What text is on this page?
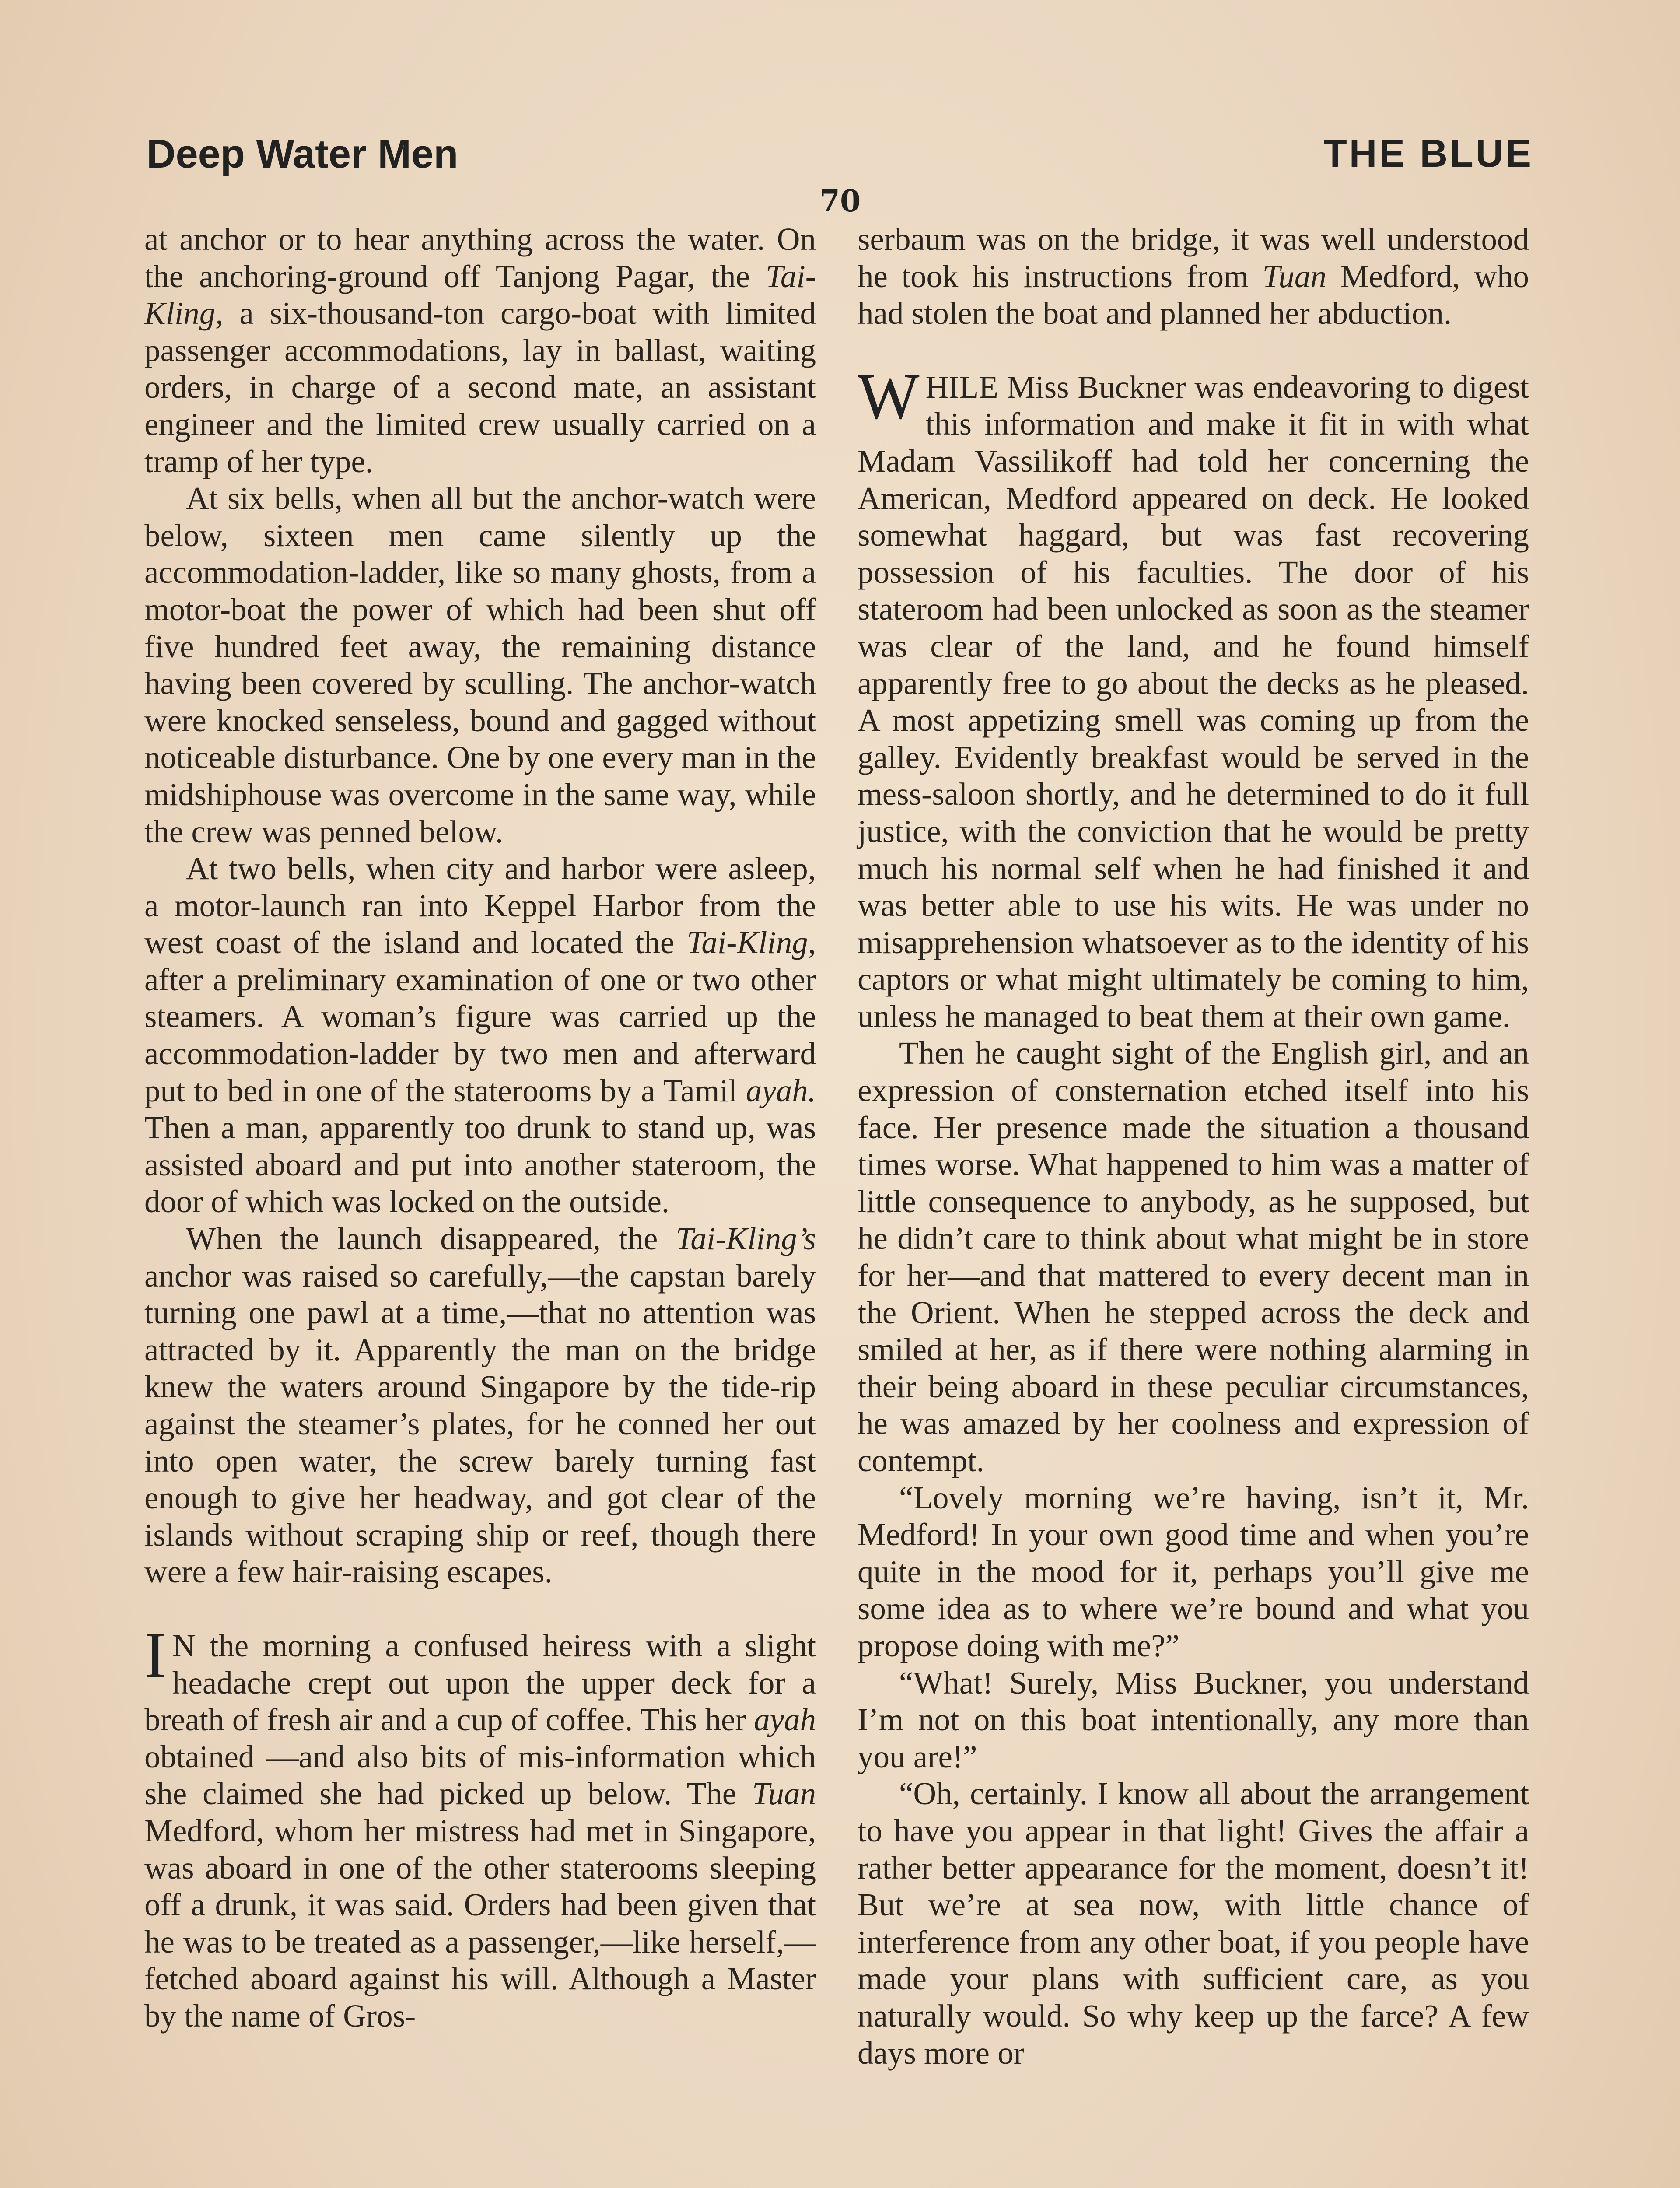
Deep Water Men	THE BLUE
70

at anchor or to hear anything across the water. On the anchoring-ground off Tanjong Pagar, the Tai-Kling, a six-thousand-ton cargo-boat with limited passenger accommodations, lay in ballast, waiting orders, in charge of a second mate, an assistant engineer and the limited crew usually carried on a tramp of her type.

At six bells, when all but the anchor-watch were below, sixteen men came silently up the accommodation-ladder, like so many ghosts, from a motor-boat the power of which had been shut off five hundred feet away, the remaining distance having been covered by sculling. The anchor-watch were knocked senseless, bound and gagged without noticeable disturbance. One by one every man in the midshiphouse was overcome in the same way, while the crew was penned below.

At two bells, when city and harbor were asleep, a motor-launch ran into Keppel Harbor from the west coast of the island and located the Tai-Kling, after a preliminary examination of one or two other steamers. A woman’s figure was carried up the accommodation-ladder by two men and afterward put to bed in one of the staterooms by a Tamil ayah. Then a man, apparently too drunk to stand up, was assisted aboard and put into another stateroom, the door of which was locked on the outside.

When the launch disappeared, the Tai-Kling’s anchor was raised so carefully,—the capstan barely turning one pawl at a time,—that no attention was attracted by it. Apparently the man on the bridge knew the waters around Singapore by the tide-rip against the steamer’s plates, for he conned her out into open water, the screw barely turning fast enough to give her headway, and got clear of the islands without scraping ship or reef, though there were a few hair-raising escapes.

I N the morning a confused heiress with a slight headache crept out upon the upper deck for a breath of fresh air and a cup of coffee. This her ayah obtained —and also bits of mis-information which she claimed she had picked up below. The Tuan Medford, whom her mistress had met in Singapore, was aboard in one of the other staterooms sleeping off a drunk, it was said. Orders had been given that he was to be treated as a passenger,—like herself,—fetched aboard against his will. Although a Master by the name of Gros-

serbaum was on the bridge, it was well understood he took his instructions from Tuan Medford, who had stolen the boat and planned her abduction.

WHILE Miss Buckner was endeavoring to digest this information and make it fit in with what Madam Vassilikoff had told her concerning the American, Medford appeared on deck. He looked somewhat haggard, but was fast recovering possession of his faculties. The door of his stateroom had been unlocked as soon as the steamer was clear of the land, and he found himself apparently free to go about the decks as he pleased. A most appetizing smell was coming up from the galley. Evidently breakfast would be served in the mess-saloon shortly, and he determined to do it full justice, with the conviction that he would be pretty much his normal self when he had finished it and was better able to use his wits. He was under no misapprehension whatsoever as to the identity of his captors or what might ultimately be coming to him, unless he managed to beat them at their own game.

Then he caught sight of the English girl, and an expression of consternation etched itself into his face. Her presence made the situation a thousand times worse. What happened to him was a matter of little consequence to anybody, as he supposed, but he didn’t care to think about what might be in store for her—and that mattered to every decent man in the Orient. When he stepped across the deck and smiled at her, as if there were nothing alarming in their being aboard in these peculiar circumstances, he was amazed by her coolness and expression of contempt.

“Lovely morning we’re having, isn’t it, Mr. Medford! In your own good time and when you’re quite in the mood for it, perhaps you’ll give me some idea as to where we’re bound and what you propose doing with me?”

“What! Surely, Miss Buckner, you understand I’m not on this boat intentionally, any more than you are!”

“Oh, certainly. I know all about the arrangement to have you appear in that light! Gives the affair a rather better appearance for the moment, doesn’t it! But we’re at sea now, with little chance of interference from any other boat, if you people have made your plans with sufficient care, as you naturally would. So why keep up the farce? A few days more or
